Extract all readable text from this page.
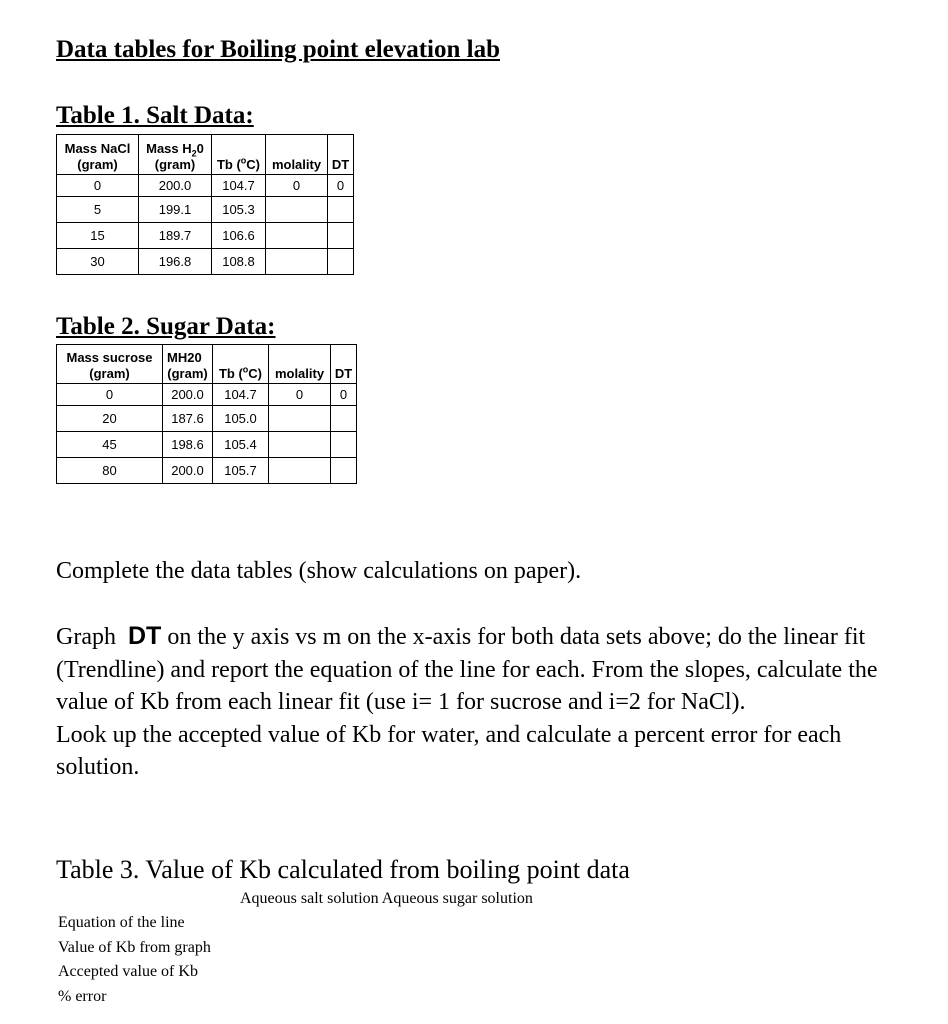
Data tables for Boiling point elevation lab
Table 1. Salt Data:
Mass NaCl	Mass $H_20$	Tb ($^o$C)	molality	DT
(gram)	(gram)			
0	200.0	104.7	0	0
5	199.1	105.3		
15	189.7	106.6		
30	196.8	108.8		
Table 2. Sugar Data:
Mass sucrose	MH20	Tb ($^o$C)	molality	DT
(gram)	(gram)			
0	200.0	104.7	0	0
20	187.6	105.0		
45	198.6	105.4		
80	200.0	105.7		

Complete the data tables (show calculations on paper).

Graph DT on the y axis vs m on the x-axis for both data sets above; do the linear fit (Trendline) and report the equation of the line for each. From the slopes, calculate the value of Kb from each linear fit (use i= 1 for sucrose and i=2 for NaCl).
Look up the accepted value of Kb for water, and calculate a percent error for each solution.

Table 3. Value of Kb calculated from boiling point data

Aqueous salt solution Aqueous sugar solution

Equation of the line

Value of Kb from graph

Accepted value of Kb

% error
